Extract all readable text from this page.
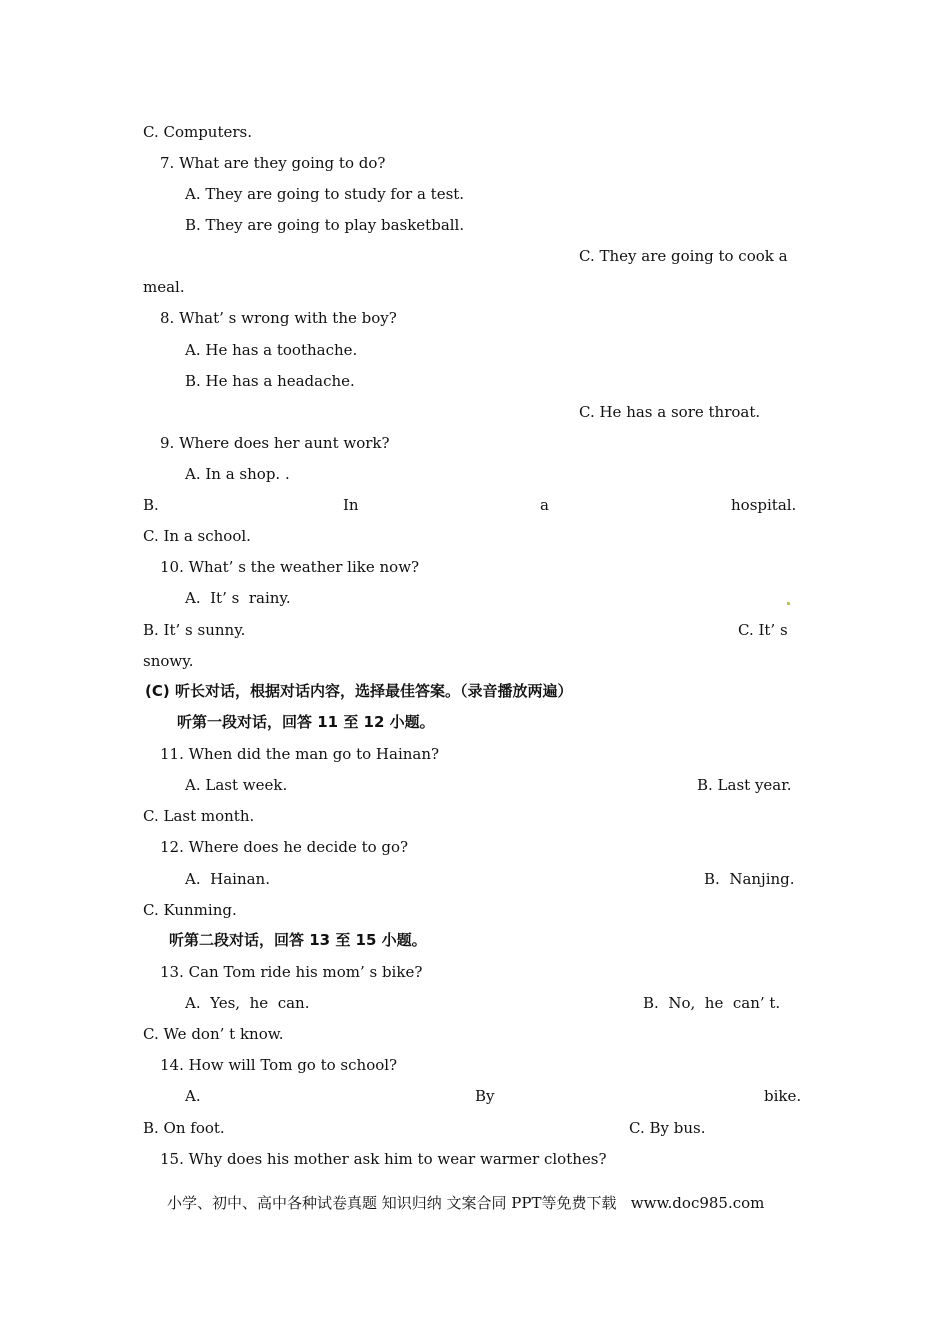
C. Computers.
7. What are they going to do?
A. They are going to study for a test.
B. They are going to play basketball.
C. They are going to cook a
meal.
8. What’ s wrong with the boy?
A. He has a toothache.
B. He has a headache.
C. He has a sore throat.
9. Where does her aunt work?
A. In a shop. .
B.	In	a	hospital.
C. In a school.
10. What’ s the weather like now?
A.  It’ s  rainy.
B. It’ s sunny.	C. It’ s
snowy.
(C) 听长对话，根据对话内容，选择最佳答案。（录音播放两遍）
听第一段对话，回答 11 至 12 小题。
11. When did the man go to Hainan?
A. Last week.	B. Last year.
C. Last month.
12. Where does he decide to go?
A.  Hainan.	B.  Nanjing.
C. Kunming.
听第二段对话，回答 13 至 15 小题。
13. Can Tom ride his mom’ s bike?
A.  Yes,  he  can.	B.  No,  he  can’ t.
C. We don’ t know.
14. How will Tom go to school?
A.	By	bike.
B. On foot.	C. By bus.
15. Why does his mother ask him to wear warmer clothes?
小学、初中、高中各种试卷真题 知识归纳 文案合同 PPT等免费下载   www.doc985.com
